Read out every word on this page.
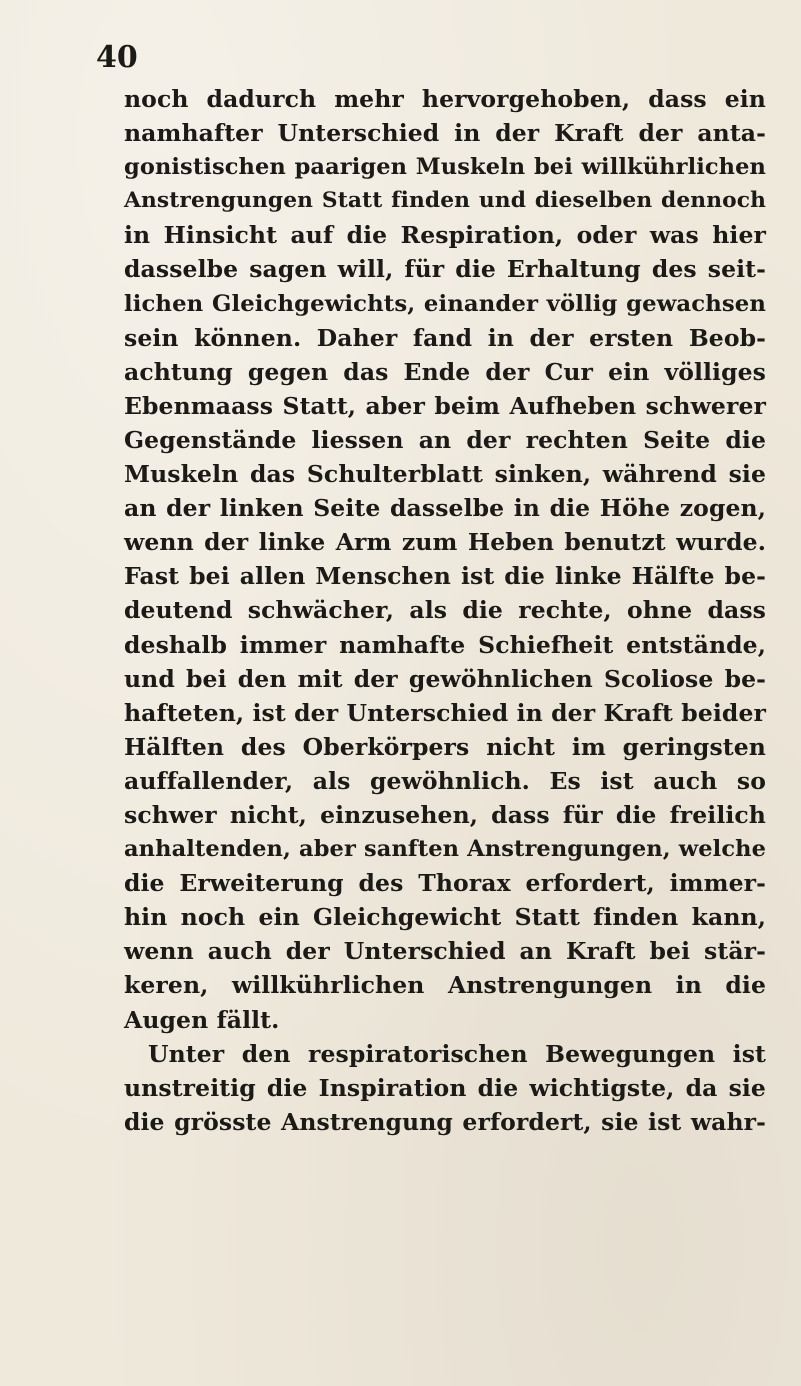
40
noch dadurch mehr hervorgehoben, dass ein
namhafter Unterschied in der Kraft der anta-
gonistischen paarigen Muskeln bei willkührlichen
Anstrengungen Statt finden und dieselben dennoch
in Hinsicht auf die Respiration, oder was hier
dasselbe sagen will, für die Erhaltung des seit-
lichen Gleichgewichts, einander völlig gewachsen
sein können. Daher fand in der ersten Beob-
achtung gegen das Ende der Cur ein völliges
Ebenmaass Statt, aber beim Aufheben schwerer
Gegenstände liessen an der rechten Seite die
Muskeln das Schulterblatt sinken, während sie
an der linken Seite dasselbe in die Höhe zogen,
wenn der linke Arm zum Heben benutzt wurde.
Fast bei allen Menschen ist die linke Hälfte be-
deutend schwächer, als die rechte, ohne dass
deshalb immer namhafte Schiefheit entstände,
und bei den mit der gewöhnlichen Scoliose be-
hafteten, ist der Unterschied in der Kraft beider
Hälften des Oberkörpers nicht im geringsten
auffallender, als gewöhnlich. Es ist auch so
schwer nicht, einzusehen, dass für die freilich
anhaltenden, aber sanften Anstrengungen, welche
die Erweiterung des Thorax erfordert, immer-
hin noch ein Gleichgewicht Statt finden kann,
wenn auch der Unterschied an Kraft bei stär-
keren, willkührlichen Anstrengungen in die
Augen fällt.
Unter den respiratorischen Bewegungen ist
unstreitig die Inspiration die wichtigste, da sie
die grösste Anstrengung erfordert, sie ist wahr-
